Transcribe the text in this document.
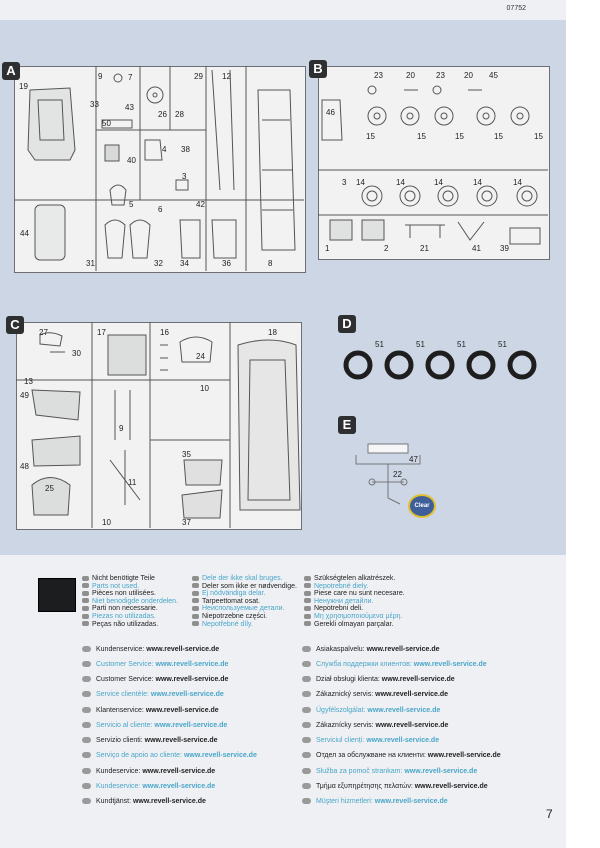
07752
A
19
9	7
33	43
26
29
28
12
50
4
40
38
3
5
6
42
44
31	32 34	36	8
B	23	20	23 20 45
46
15	15	15	15	15
3 14	14	14	14	14
1	2	21	41 39
C
27
30
17	16	18
13
24
10
49
9
48
35
11
25
10	37
D
51	51	51	51
E
47
22
Clear
Nicht benötigte Teile
Parts not used.
Pièces non utilisées.
Niet benodigde onderdelen.
Parti non necessarie.
Piezas no utilizadas.
Peças não utilizadas.
Dele der ikke skal bruges.
Deler som ikke er nødvendige.
Ej nödvändiga delar.
Tarpeettomat osat.
Неиспользуемые детали.
Niepotrzebne części.
Nepotřebné díly.
Szükségtelen alkatrészek.
Nepotrebné diely.
Piese care nu sunt necesare.
Ненужни детайли.
Nepotrebni deli.
Μη χρησιμοποιούμενα μέρη.
Gerekli olmayan parçalar.
Kundenservice: www.revell-service.de
Customer Service: www.revell-service.de
Customer Service: www.revell-service.de
Service clientèle: www.revell-service.de
Klantenservice: www.revell-service.de
Servicio al cliente: www.revell-service.de
Servizio clienti: www.revell-service.de
Serviço de apoio ao cliente: www.revell-service.de
Kundeservice: www.revell-service.de
Kundeservice: www.revell-service.de
Kundtjänst: www.revell-service.de
Asiakaspalvelu: www.revell-service.de
Служба поддержки клиентов: www.revell-service.de
Dział obsługi klienta: www.revell-service.de
Zákaznický servis: www.revell-service.de
Ügyfélszolgálat: www.revell-service.de
Zákaznícky servis: www.revell-service.de
Serviciul clienți: www.revell-service.de
Отдел за обслужване на клиенти: www.revell-service.de
Služba za pomoč strankam: www.revell-service.de
Τμήμα εξυπηρέτησης πελατών: www.revell-service.de
Müşteri hizmetleri: www.revell-service.de
7
